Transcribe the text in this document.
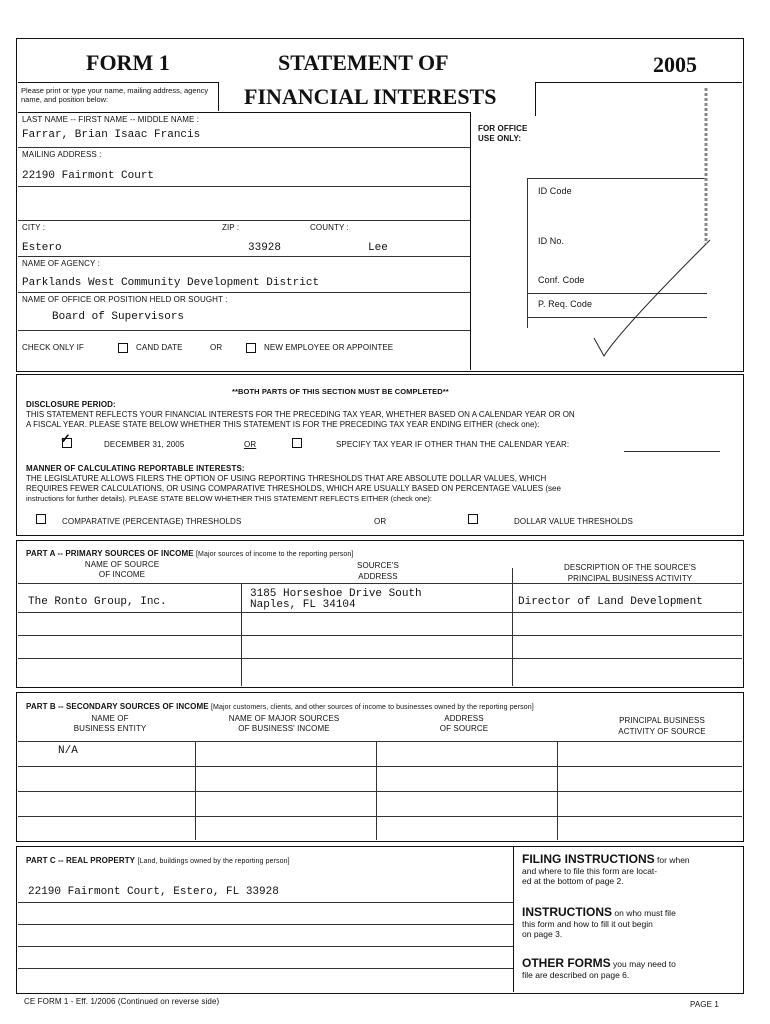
FORM 1	STATEMENT OF	2005
FINANCIAL INTERESTS
Please print or type your name, mailing address, agency name, and position below:
FOR OFFICE
USE ONLY:
ID Code
ID No.
Conf. Code
P. Req. Code
LAST NAME -- FIRST NAME -- MIDDLE NAME :
Farrar, Brian Isaac Francis
MAILING ADDRESS :
22190 Fairmont Court
CITY :	ZIP :	COUNTY :
Estero	33928	Lee
NAME OF AGENCY :
Parklands West Community Development District
NAME OF OFFICE OR POSITION HELD OR SOUGHT :
Board of Supervisors
CHECK ONLY IF	CAND DATE	OR	NEW EMPLOYEE OR APPOINTEE
**BOTH PARTS OF THIS SECTION MUST BE COMPLETED**
DISCLOSURE PERIOD:
THIS STATEMENT REFLECTS YOUR FINANCIAL INTERESTS FOR THE PRECEDING TAX YEAR, WHETHER BASED ON A CALENDAR YEAR OR ON
A FISCAL YEAR. PLEASE STATE BELOW WHETHER THIS STATEMENT IS FOR THE PRECEDING TAX YEAR ENDING EITHER (check one):
✓	DECEMBER 31, 2005	OR	SPECIFY TAX YEAR IF OTHER THAN THE CALENDAR YEAR:
MANNER OF CALCULATING REPORTABLE INTERESTS:
THE LEGISLATURE ALLOWS FILERS THE OPTION OF USING REPORTING THRESHOLDS THAT ARE ABSOLUTE DOLLAR VALUES, WHICH
REQUIRES FEWER CALCULATIONS, OR USING COMPARATIVE THRESHOLDS, WHICH ARE USUALLY BASED ON PERCENTAGE VALUES (see
instructions for further details). PLEASE STATE BELOW WHETHER THIS STATEMENT REFLECTS EITHER (check one):
COMPARATIVE (PERCENTAGE) THRESHOLDS	OR	DOLLAR VALUE THRESHOLDS
PART A -- PRIMARY SOURCES OF INCOME [Major sources of income to the reporting person]
NAME OF SOURCE
OF INCOME
SOURCE'S
ADDRESS
DESCRIPTION OF THE SOURCE'S
PRINCIPAL BUSINESS ACTIVITY
The Ronto Group, Inc.
3185 Horseshoe Drive South
Naples, FL 34104	Director of Land Development
PART B -- SECONDARY SOURCES OF INCOME [Major customers, clients, and other sources of income to businesses owned by the reporting person]
NAME OF
BUSINESS ENTITY
NAME OF MAJOR SOURCES
OF BUSINESS' INCOME
ADDRESS
OF SOURCE
PRINCIPAL BUSINESS
ACTIVITY OF SOURCE
N/A
PART C -- REAL PROPERTY [Land, buildings owned by the reporting person]
22190 Fairmont Court, Estero, FL 33928
FILING INSTRUCTIONS for when
and where to file this form are locat-
ed at the bottom of page 2.
INSTRUCTIONS on who must file
this form and how to fill it out begin
on page 3.
OTHER FORMS you may need to
file are described on page 6.
CE FORM 1 - Eff. 1/2006 (Continued on reverse side)	PAGE 1
